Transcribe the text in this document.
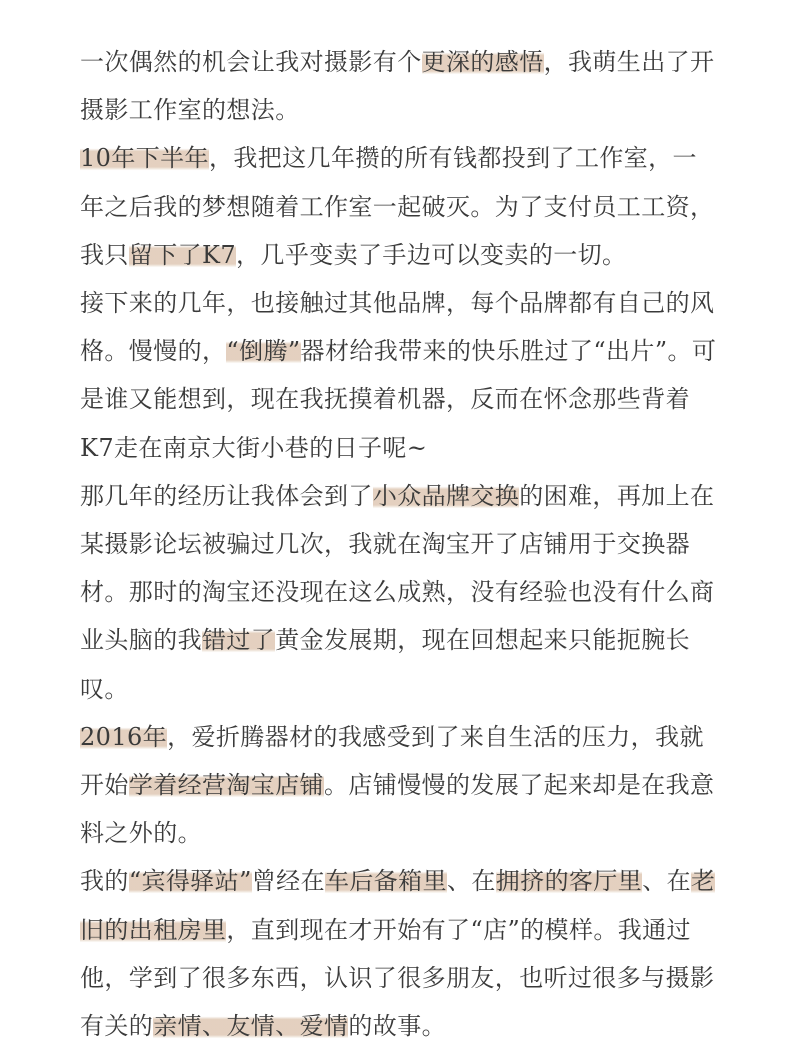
一次偶然的机会让我对摄影有个更深的感悟，我萌生出了开摄影工作室的想法。

10年下半年，我把这几年攒的所有钱都投到了工作室，一年之后我的梦想随着工作室一起破灭。为了支付员工工资，我只留下了K7，几乎变卖了手边可以变卖的一切。

接下来的几年，也接触过其他品牌，每个品牌都有自己的风格。慢慢的，“倒腾”器材给我带来的快乐胜过了“出片”。可是谁又能想到，现在我抚摸着机器，反而在怀念那些背着K7走在南京大街小巷的日子呢~

那几年的经历让我体会到了小众品牌交换的困难，再加上在某摄影论坛被骗过几次，我就在淘宝开了店铺用于交换器材。那时的淘宝还没现在这么成熟，没有经验也没有什么商业头脑的我错过了黄金发展期，现在回想起来只能扼腕长叹。

2016年，爱折腾器材的我感受到了来自生活的压力，我就开始学着经营淘宝店铺。店铺慢慢的发展了起来却是在我意料之外的。

我的“宾得驿站”曾经在车后备箱里、在拥挤的客厅里、在老旧的出租房里，直到现在才开始有了“店”的模样。我通过他，学到了很多东西，认识了很多朋友，也听过很多与摄影有关的亲情、友情、爱情的故事。
